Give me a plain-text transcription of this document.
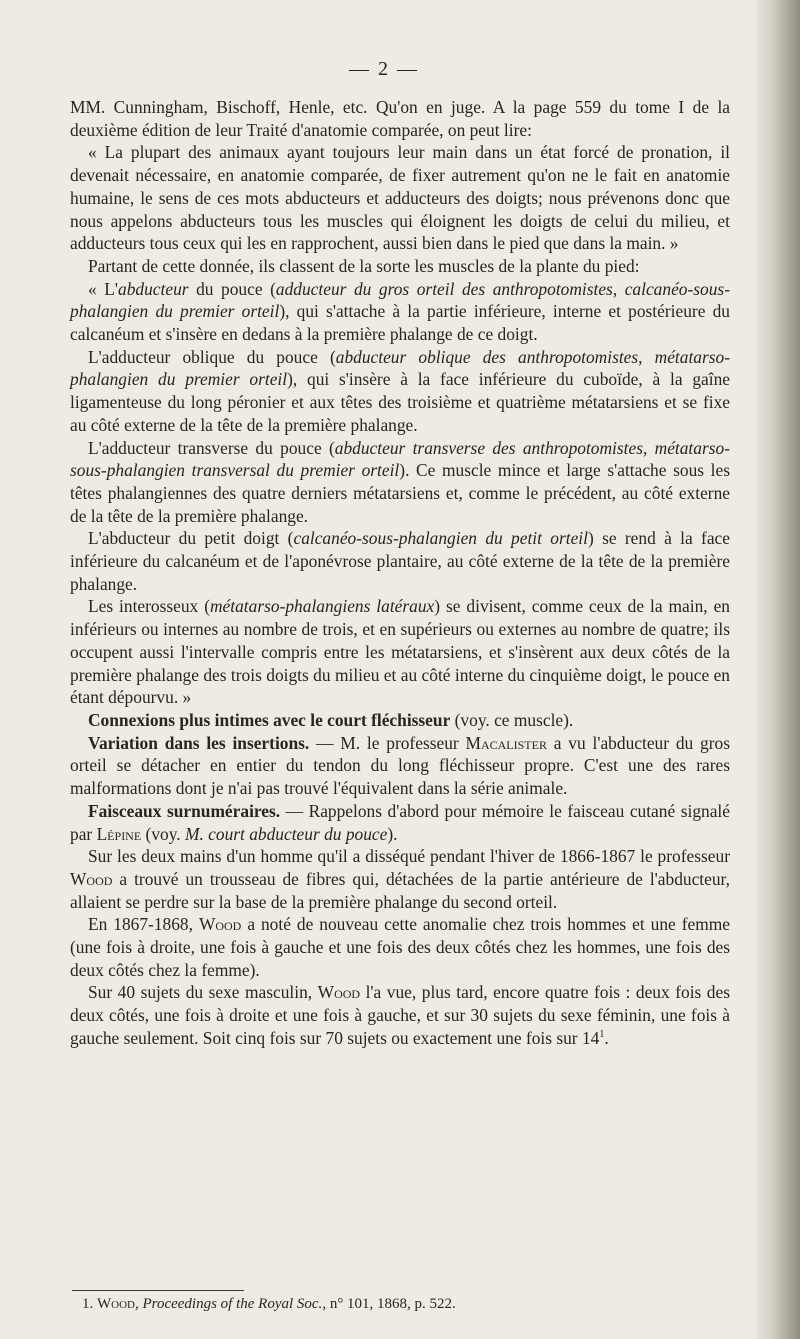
— 2 —

MM. Cunningham, Bischoff, Henle, etc. Qu'on en juge. A la page 559 du tome I de la deuxième édition de leur Traité d'anatomie comparée, on peut lire:

« La plupart des animaux ayant toujours leur main dans un état forcé de pronation, il devenait nécessaire, en anatomie comparée, de fixer autrement qu'on ne le fait en anatomie humaine, le sens de ces mots abducteurs et adducteurs des doigts; nous prévenons donc que nous appelons abducteurs tous les muscles qui éloignent les doigts de celui du milieu, et adducteurs tous ceux qui les en rapprochent, aussi bien dans le pied que dans la main. »

Partant de cette donnée, ils classent de la sorte les muscles de la plante du pied:

« L'abducteur du pouce (adducteur du gros orteil des anthropotomistes, calcanéo-sous-phalangien du premier orteil), qui s'attache à la partie inférieure, interne et postérieure du calcanéum et s'insère en dedans à la première phalange de ce doigt.

L'adducteur oblique du pouce (abducteur oblique des anthropotomistes, métatarso-phalangien du premier orteil), qui s'insère à la face inférieure du cuboïde, à la gaîne ligamenteuse du long péronier et aux têtes des troisième et quatrième métatarsiens et se fixe au côté externe de la tête de la première phalange.

L'adducteur transverse du pouce (abducteur transverse des anthropotomistes, métatarso-sous-phalangien transversal du premier orteil). Ce muscle mince et large s'attache sous les têtes phalangiennes des quatre derniers métatarsiens et, comme le précédent, au côté externe de la tête de la première phalange.

L'abducteur du petit doigt (calcanéo-sous-phalangien du petit orteil) se rend à la face inférieure du calcanéum et de l'aponévrose plantaire, au côté externe de la tête de la première phalange.

Les interosseux (métatarso-phalangiens latéraux) se divisent, comme ceux de la main, en inférieurs ou internes au nombre de trois, et en supérieurs ou externes au nombre de quatre; ils occupent aussi l'intervalle compris entre les métatarsiens, et s'insèrent aux deux côtés de la première phalange des trois doigts du milieu et au côté interne du cinquième doigt, le pouce en étant dépourvu. »

Connexions plus intimes avec le court fléchisseur (voy. ce muscle).

Variation dans les insertions. — M. le professeur Macalister a vu l'abducteur du gros orteil se détacher en entier du tendon du long fléchisseur propre. C'est une des rares malformations dont je n'ai pas trouvé l'équivalent dans la série animale.

Faisceaux surnuméraires. — Rappelons d'abord pour mémoire le faisceau cutané signalé par Lépine (voy. M. court abducteur du pouce).

Sur les deux mains d'un homme qu'il a disséqué pendant l'hiver de 1866-1867 le professeur Wood a trouvé un trousseau de fibres qui, détachées de la partie antérieure de l'abducteur, allaient se perdre sur la base de la première phalange du second orteil.

En 1867-1868, Wood a noté de nouveau cette anomalie chez trois hommes et une femme (une fois à droite, une fois à gauche et une fois des deux côtés chez les hommes, une fois des deux côtés chez la femme).

Sur 40 sujets du sexe masculin, Wood l'a vue, plus tard, encore quatre fois : deux fois des deux côtés, une fois à droite et une fois à gauche, et sur 30 sujets du sexe féminin, une fois à gauche seulement. Soit cinq fois sur 70 sujets ou exactement une fois sur $14^1$.

1. Wood, Proceedings of the Royal Soc., n° 101, 1868, p. 522.
